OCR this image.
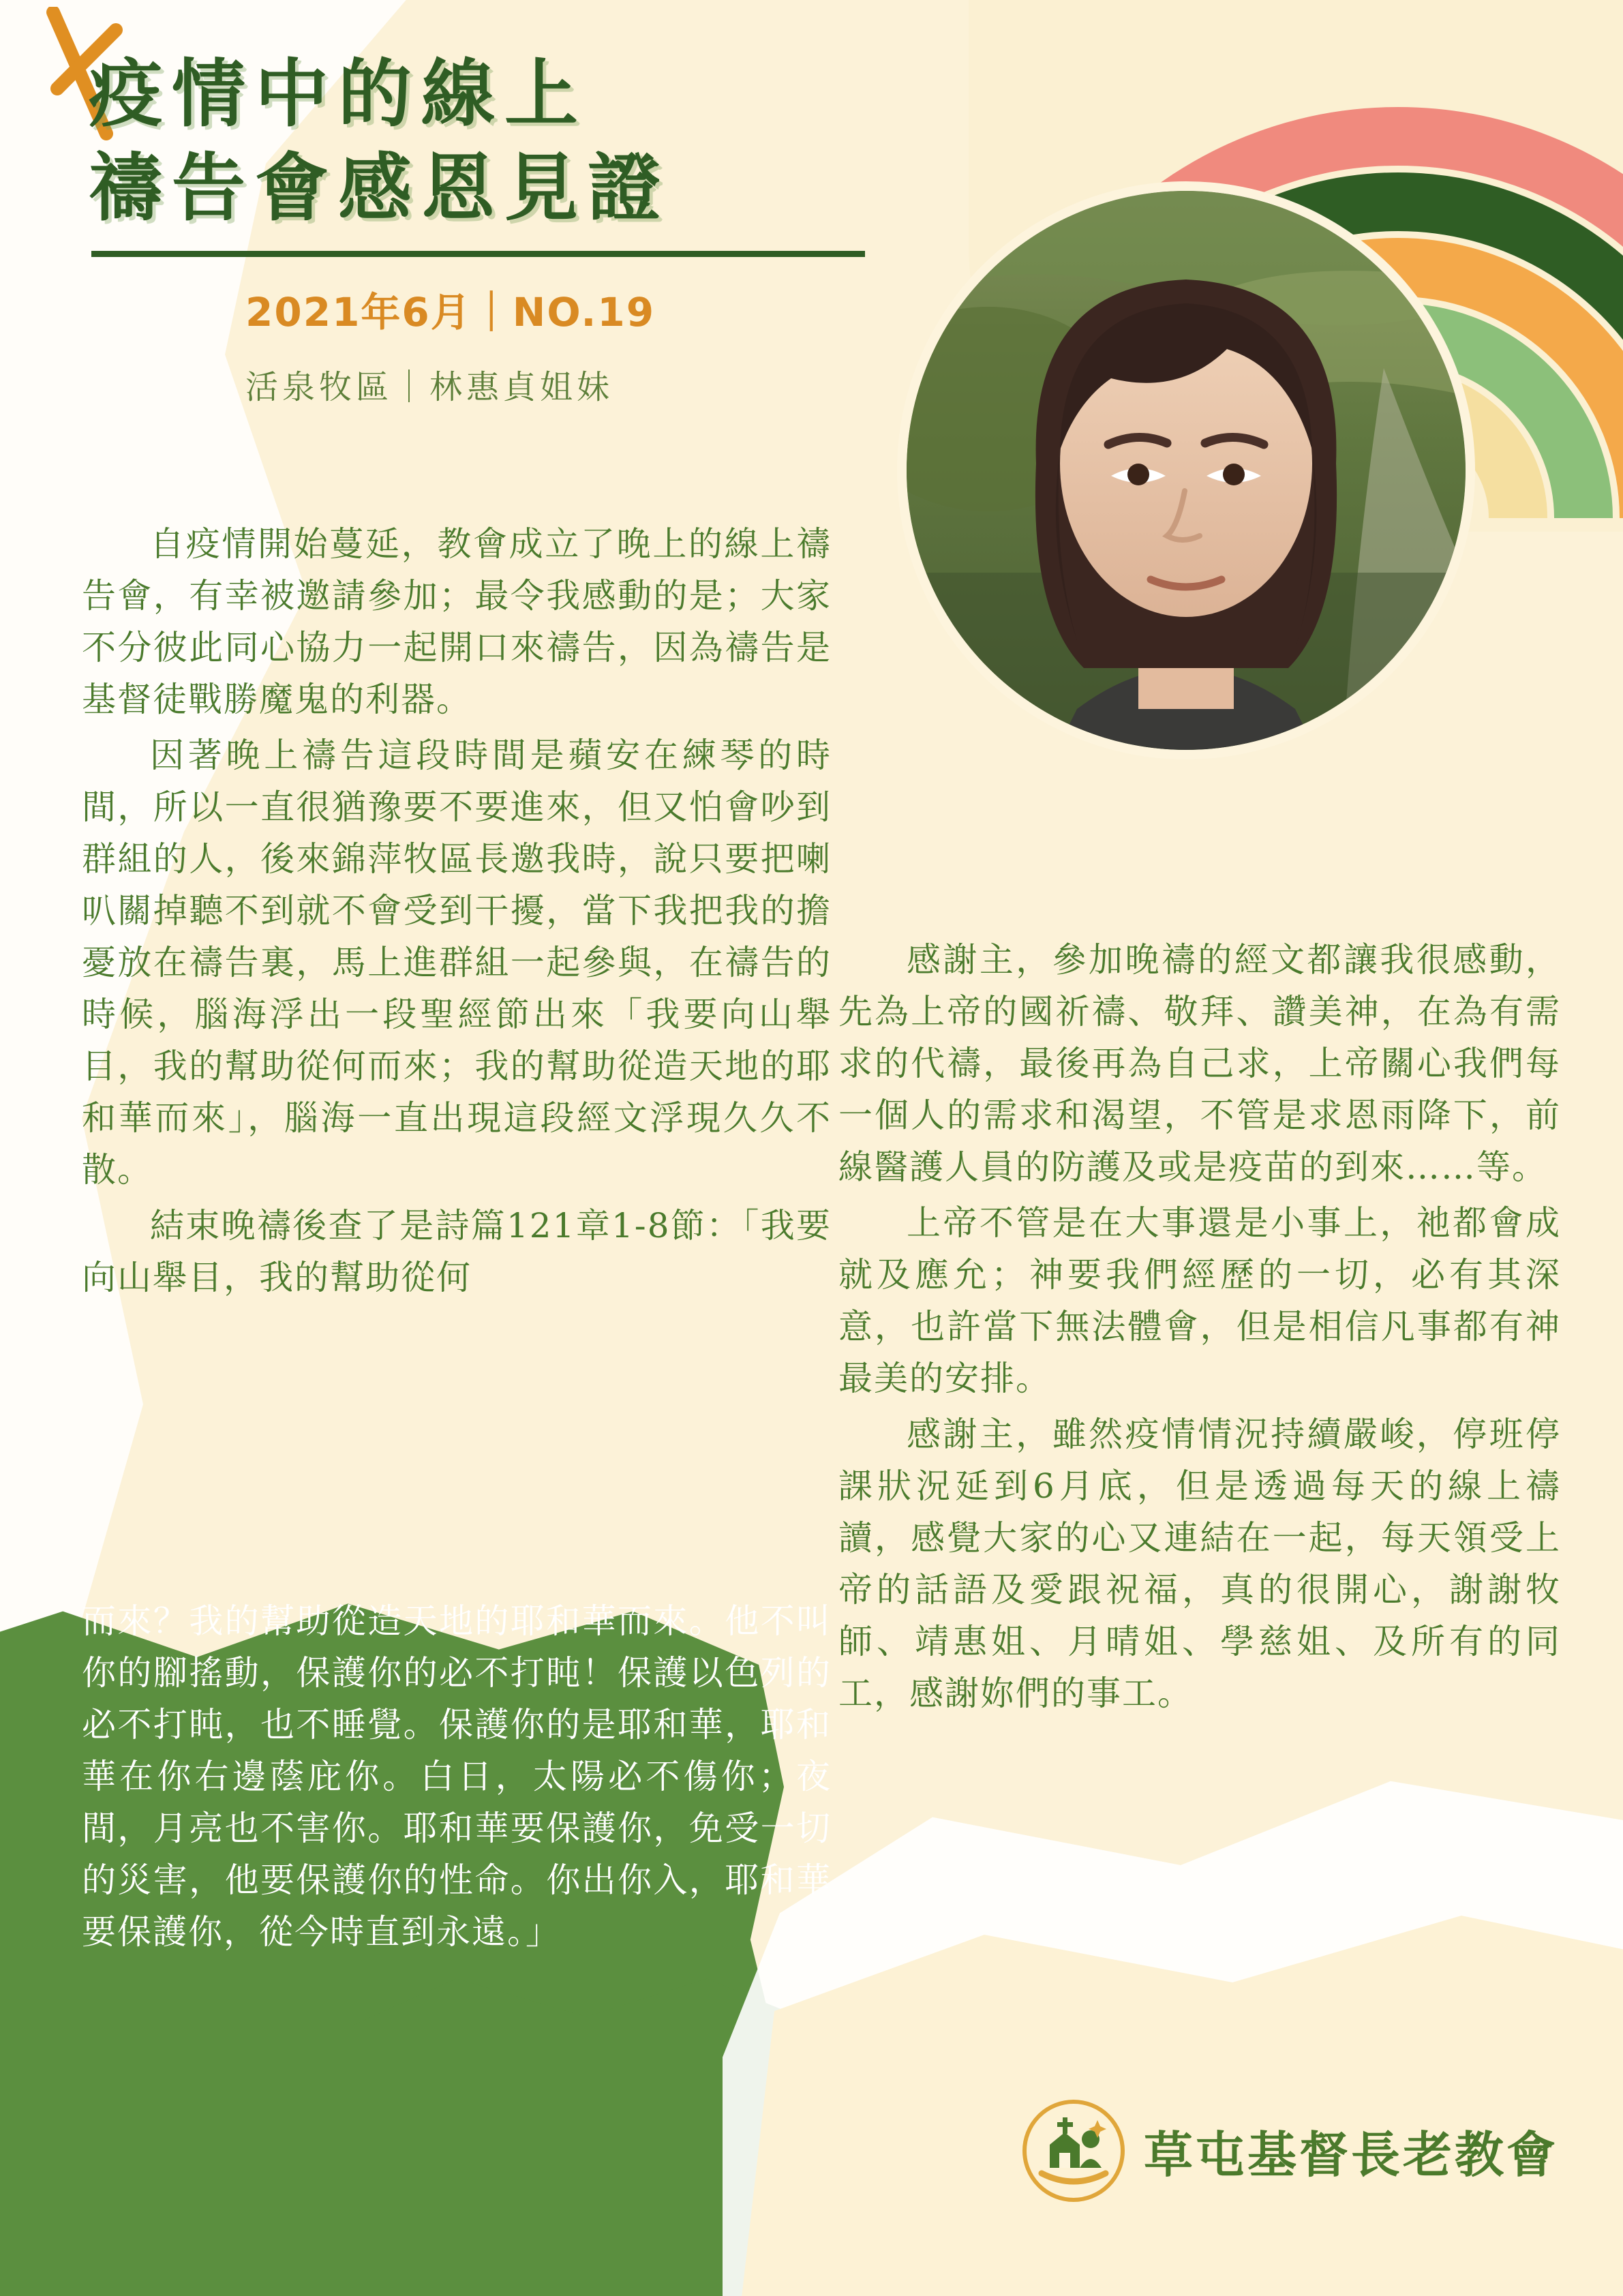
疫情中的線上
禱告會感恩見證
2021年6月｜NO.19
活泉牧區｜林惠貞姐妹

自疫情開始蔓延，教會成立了晚上的線上禱告會，有幸被邀請參加；最令我感動的是；大家不分彼此同心協力一起開口來禱告，因為禱告是基督徒戰勝魔鬼的利器。

因著晚上禱告這段時間是蘋安在練琴的時間，所以一直很猶豫要不要進來，但又怕會吵到群組的人，後來錦萍牧區長邀我時，說只要把喇叭關掉聽不到就不會受到干擾，當下我把我的擔憂放在禱告裏，馬上進群組一起參與，在禱告的時候，腦海浮出一段聖經節出來「我要向山舉目，我的幫助從何而來；我的幫助從造天地的耶和華而來」，腦海一直出現這段經文浮現久久不散。

結束晚禱後查了是詩篇121章1-8節：「我要向山舉目，我的幫助從何

而來？我的幫助從造天地的耶和華而來。他不叫你的腳搖動，保護你的必不打盹！保護以色列的必不打盹，也不睡覺。保護你的是耶和華，耶和華在你右邊蔭庇你。白日，太陽必不傷你；夜間，月亮也不害你。耶和華要保護你，免受一切的災害，他要保護你的性命。你出你入，耶和華要保護你，從今時直到永遠。」

感謝主，參加晚禱的經文都讓我很感動，先為上帝的國祈禱、敬拜、讚美神，在為有需求的代禱，最後再為自己求，上帝關心我們每一個人的需求和渴望，不管是求恩雨降下，前線醫護人員的防護及或是疫苗的到來……等。

上帝不管是在大事還是小事上，祂都會成就及應允；神要我們經歷的一切，必有其深意，也許當下無法體會，但是相信凡事都有神最美的安排。

感謝主，雖然疫情情況持續嚴峻，停班停課狀況延到6月底，但是透過每天的線上禱讀，感覺大家的心又連結在一起，每天領受上帝的話語及愛跟祝福，真的很開心，謝謝牧師、靖惠姐、月晴姐、學慈姐、及所有的同工，感謝妳們的事工。

草屯基督長老教會
